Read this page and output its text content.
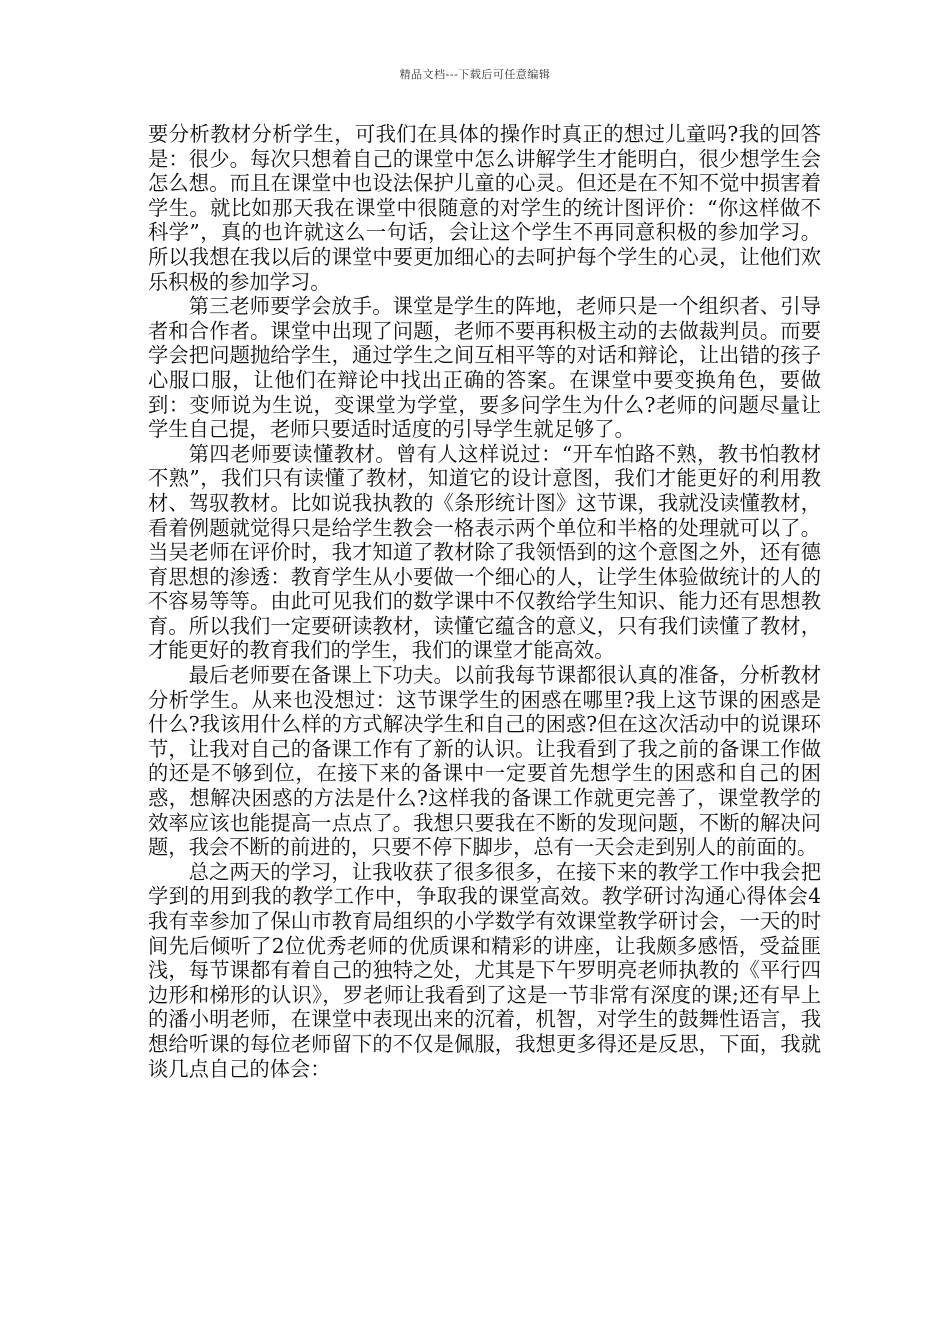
精品文档---下载后可任意编辑

要分析教材分析学生，可我们在具体的操作时真正的想过儿童吗?我的回答是：很少。每次只想着自己的课堂中怎么讲解学生才能明白，很少想学生会怎么想。而且在课堂中也设法保护儿童的心灵。但还是在不知不觉中损害着学生。就比如那天我在课堂中很随意的对学生的统计图评价：“你这样做不科学”，真的也许就这么一句话，会让这个学生不再同意积极的参加学习。所以我想在我以后的课堂中要更加细心的去呵护每个学生的心灵，让他们欢乐积极的参加学习。

第三老师要学会放手。课堂是学生的阵地，老师只是一个组织者、引导者和合作者。课堂中出现了问题，老师不要再积极主动的去做裁判员。而要学会把问题抛给学生，通过学生之间互相平等的对话和辩论，让出错的孩子心服口服，让他们在辩论中找出正确的答案。在课堂中要变换角色，要做到：变师说为生说，变课堂为学堂，要多问学生为什么?老师的问题尽量让学生自己提，老师只要适时适度的引导学生就足够了。

第四老师要读懂教材。曾有人这样说过：“开车怕路不熟，教书怕教材不熟”，我们只有读懂了教材，知道它的设计意图，我们才能更好的利用教材、驾驭教材。比如说我执教的《条形统计图》这节课，我就没读懂教材，看着例题就觉得只是给学生教会一格表示两个单位和半格的处理就可以了。当吴老师在评价时，我才知道了教材除了我领悟到的这个意图之外，还有德育思想的渗透：教育学生从小要做一个细心的人，让学生体验做统计的人的不容易等等。由此可见我们的数学课中不仅教给学生知识、能力还有思想教育。所以我们一定要研读教材，读懂它蕴含的意义，只有我们读懂了教材，才能更好的教育我们的学生，我们的课堂才能高效。

最后老师要在备课上下功夫。以前我每节课都很认真的准备，分析教材分析学生。从来也没想过：这节课学生的困惑在哪里?我上这节课的困惑是什么?我该用什么样的方式解决学生和自己的困惑?但在这次活动中的说课环节，让我对自己的备课工作有了新的认识。让我看到了我之前的备课工作做的还是不够到位，在接下来的备课中一定要首先想学生的困惑和自己的困惑，想解决困惑的方法是什么?这样我的备课工作就更完善了，课堂教学的效率应该也能提高一点点了。我想只要我在不断的发现问题，不断的解决问题，我会不断的前进的，只要不停下脚步，总有一天会走到别人的前面的。

总之两天的学习，让我收获了很多很多，在接下来的教学工作中我会把学到的用到我的教学工作中，争取我的课堂高效。教学研讨沟通心得体会4我有幸参加了保山市教育局组织的小学数学有效课堂教学研讨会，一天的时间先后倾听了2位优秀老师的优质课和精彩的讲座，让我颇多感悟，受益匪浅，每节课都有着自己的独特之处，尤其是下午罗明亮老师执教的《平行四边形和梯形的认识》，罗老师让我看到了这是一节非常有深度的课;还有早上的潘小明老师，在课堂中表现出来的沉着，机智，对学生的鼓舞性语言，我想给听课的每位老师留下的不仅是佩服，我想更多得还是反思，下面，我就谈几点自己的体会：
